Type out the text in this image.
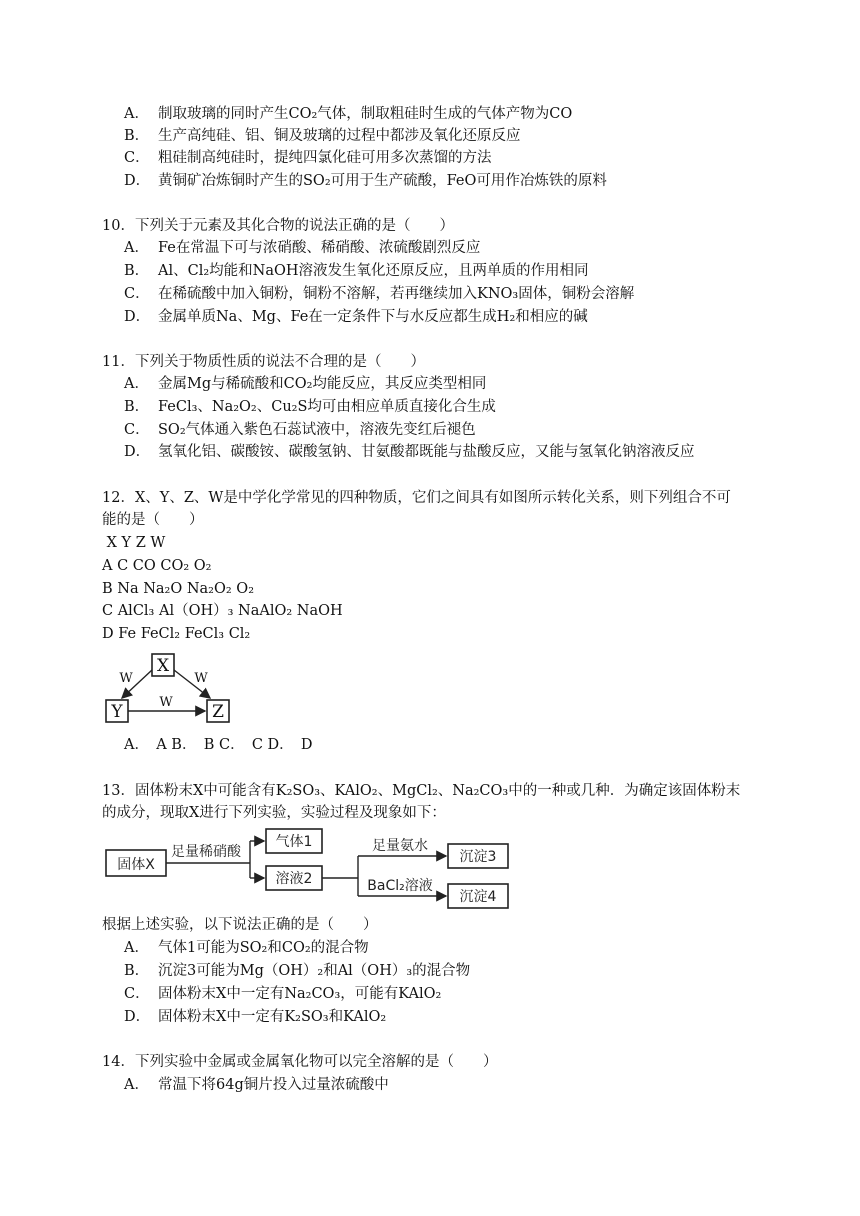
A． 制取玻璃的同时产生CO₂气体，制取粗硅时生成的气体产物为CO
B． 生产高纯硅、铝、铜及玻璃的过程中都涉及氧化还原反应
C． 粗硅制高纯硅时，提纯四氯化硅可用多次蒸馏的方法
D． 黄铜矿冶炼铜时产生的SO₂可用于生产硫酸，FeO可用作冶炼铁的原料
10．下列关于元素及其化合物的说法正确的是（　　）
A． Fe在常温下可与浓硝酸、稀硝酸、浓硫酸剧烈反应
B． Al、Cl₂均能和NaOH溶液发生氧化还原反应，且两单质的作用相同
C． 在稀硫酸中加入铜粉，铜粉不溶解，若再继续加入KNO₃固体，铜粉会溶解
D． 金属单质Na、Mg、Fe在一定条件下与水反应都生成H₂和相应的碱
11．下列关于物质性质的说法不合理的是（　　）
A． 金属Mg与稀硫酸和CO₂均能反应，其反应类型相同
B． FeCl₃、Na₂O₂、Cu₂S均可由相应单质直接化合生成
C． SO₂气体通入紫色石蕊试液中，溶液先变红后褪色
D． 氢氧化铝、碳酸铵、碳酸氢钠、甘氨酸都既能与盐酸反应，又能与氢氧化钠溶液反应
12．X、Y、Z、W是中学化学常见的四种物质，它们之间具有如图所示转化关系，则下列组合不可
能的是（　　）
X Y Z W
A C CO CO₂ O₂
B Na Na₂O Na₂O₂ O₂
C AlCl₃ Al（OH）₃ NaAlO₂ NaOH
D Fe FeCl₂ FeCl₃ Cl₂
X
Y	Z
W	W
W
A．　A B．　B C．　C D．　D
13．固体粉末X中可能含有K₂SO₃、KAlO₂、MgCl₂、Na₂CO₃中的一种或几种．为确定该固体粉末
的成分，现取X进行下列实验，实验过程及现象如下：
固体X
足量稀硝酸
气体1
溶液2
足量氨水
BaCl₂溶液
沉淀3
沉淀4
根据上述实验，以下说法正确的是（　　）
A． 气体1可能为SO₂和CO₂的混合物
B． 沉淀3可能为Mg（OH）₂和Al（OH）₃的混合物
C． 固体粉末X中一定有Na₂CO₃，可能有KAlO₂
D． 固体粉末X中一定有K₂SO₃和KAlO₂
14．下列实验中金属或金属氧化物可以完全溶解的是（　　）
A． 常温下将64g铜片投入过量浓硫酸中
